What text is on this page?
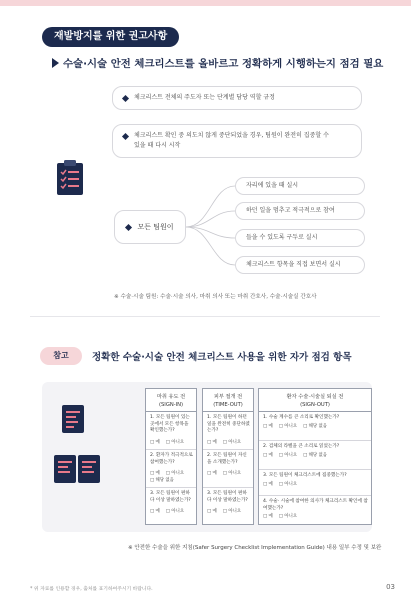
재발방지를 위한 권고사항
수술·시술 안전 체크리스트를 올바르고 정확하게 시행하는지 점검 필요
체크리스트 전체의 주도자 또는 단계별 담당 역할 규정
체크리스트 확인 중 의도치 않게 중단되었을 경우, 팀원이 완전히 집중할 수
있을 때 다시 시작
모든 팀원이
자리에 있을 때 실시
하던 일을 멈추고 적극적으로 참여
들을 수 있도록 구두로 실시
체크리스트 항목을 직접 보면서 실시
※ 수술·시술 팀원: 수술·시술 의사, 마취 의사 또는 마취 간호사, 수술·시술실 간호사
참고	정확한 수술·시술 안전 체크리스트 사용을 위한 자가 점검 항목
마취 유도 전
(SIGN-IN)
1. 모든 팀원이 있는 곳에서 모든 항목을 확인했는가?
□ 예 □ 아니요
2. 환자가 적극적으로 참여했는가?
□ 예 □ 아니요□ 해당 없음
3. 모든 팀원이 편하다 이상 말하였는가?
□ 예 □ 아니요
피부 절개 전
(TIME-OUT)
1. 모든 팀원이 하던 일을 완전히 중단하였는가?
□ 예 □ 아니요
2. 모든 팀원이 자신을 소개했는가?
□ 예 □ 아니요
3. 모든 팀원이 편하다 이상 말하였는가?
□ 예 □ 아니요
환자 수술·시술실 퇴실 전
(SIGN-OUT)
1. 수술 계수를 큰 소리로 확인했는가?
□ 예 □ 아니요 □ 해당 없음
2. 검체의 라벨을 큰 소리로 읽었는가?
□ 예 □ 아니요 □ 해당 없음
3. 모든 팀원이 체크리스트에 집중했는가?
□ 예 □ 아니요
4. 수술· 시술에 참여한 의사가 체크리스트 확인에 참여했는가?
□ 예 □ 아니요
※ 안전한 수술을 위한 지침(Safer Surgery Checklist Implementation Guide) 내용 일부 수정 및 보완
* 위 자료를 인용할 경우, 출처를 표기하여주시기 바랍니다.	03
